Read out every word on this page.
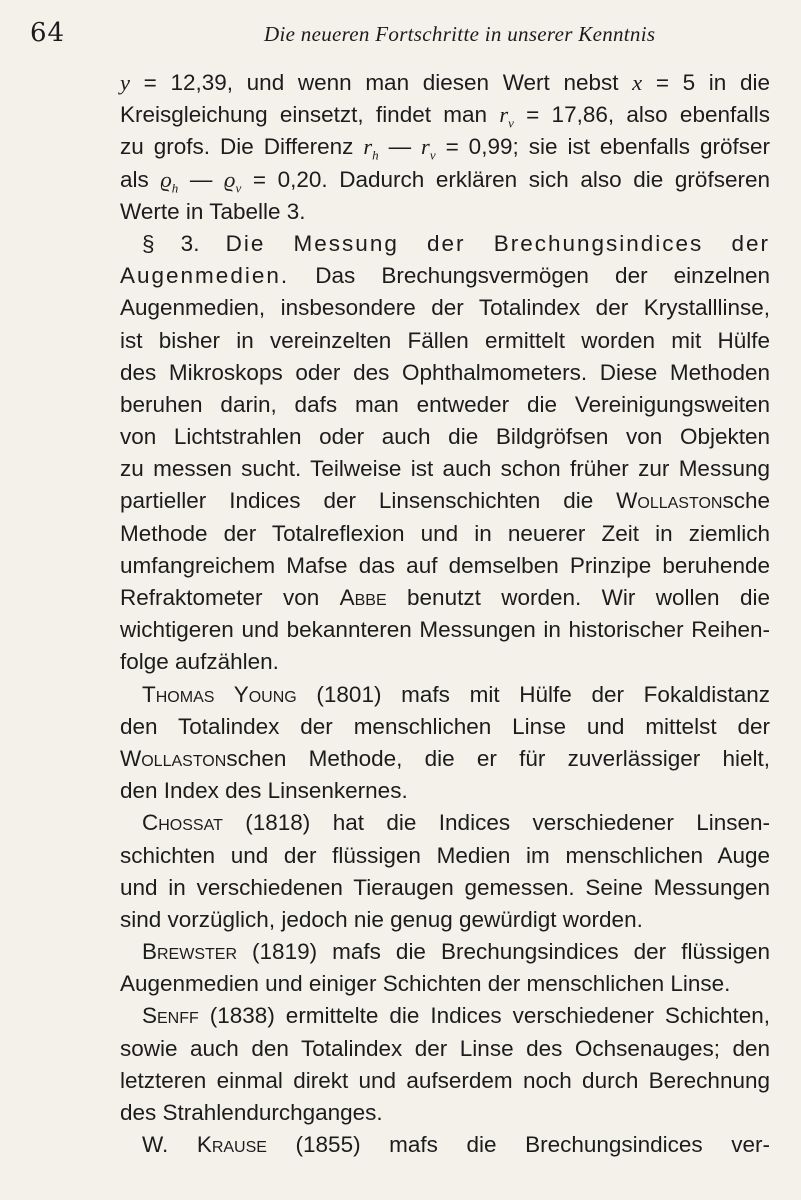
64	Die neueren Fortschritte in unserer Kenntnis
y = 12,39, und wenn man diesen Wert nebst x = 5 in die
Kreisgleichung einsetzt, findet man $r_v = 17,86$, also ebenfalls
zu grofs. Die Differenz $r_h$ — $r_v = 0,99$; sie ist ebenfalls gröfser
als $ϱ_h$ — $ϱ_v = 0,20$. Dadurch erklären sich also die gröfseren
Werte in Tabelle 3.
§ 3. Die Messung der Brechungsindices der
Augenmedien. Das Brechungsvermögen der einzelnen
Augenmedien, insbesondere der Totalindex der Krystalllinse,
ist bisher in vereinzelten Fällen ermittelt worden mit Hülfe
des Mikroskops oder des Ophthalmometers. Diese Methoden
beruhen darin, dafs man entweder die Vereinigungsweiten
von Lichtstrahlen oder auch die Bildgröfsen von Objekten
zu messen sucht. Teilweise ist auch schon früher zur Messung
partieller Indices der Linsenschichten die Wollastonsche
Methode der Totalreflexion und in neuerer Zeit in ziemlich
umfangreichem Mafse das auf demselben Prinzipe beruhende
Refraktometer von Abbe benutzt worden. Wir wollen die
wichtigeren und bekannteren Messungen in historischer Reihen-
folge aufzählen.
Thomas Young (1801) mafs mit Hülfe der Fokaldistanz
den Totalindex der menschlichen Linse und mittelst der
Wollastonschen Methode, die er für zuverlässiger hielt,
den Index des Linsenkernes.
Chossat (1818) hat die Indices verschiedener Linsen-
schichten und der flüssigen Medien im menschlichen Auge
und in verschiedenen Tieraugen gemessen. Seine Messungen
sind vorzüglich, jedoch nie genug gewürdigt worden.
Brewster (1819) mafs die Brechungsindices der flüssigen
Augenmedien und einiger Schichten der menschlichen Linse.
Senff (1838) ermittelte die Indices verschiedener Schichten,
sowie auch den Totalindex der Linse des Ochsenauges; den
letzteren einmal direkt und aufserdem noch durch Berechnung
des Strahlendurchganges.
W. Krause (1855) mafs die Brechungsindices ver-
